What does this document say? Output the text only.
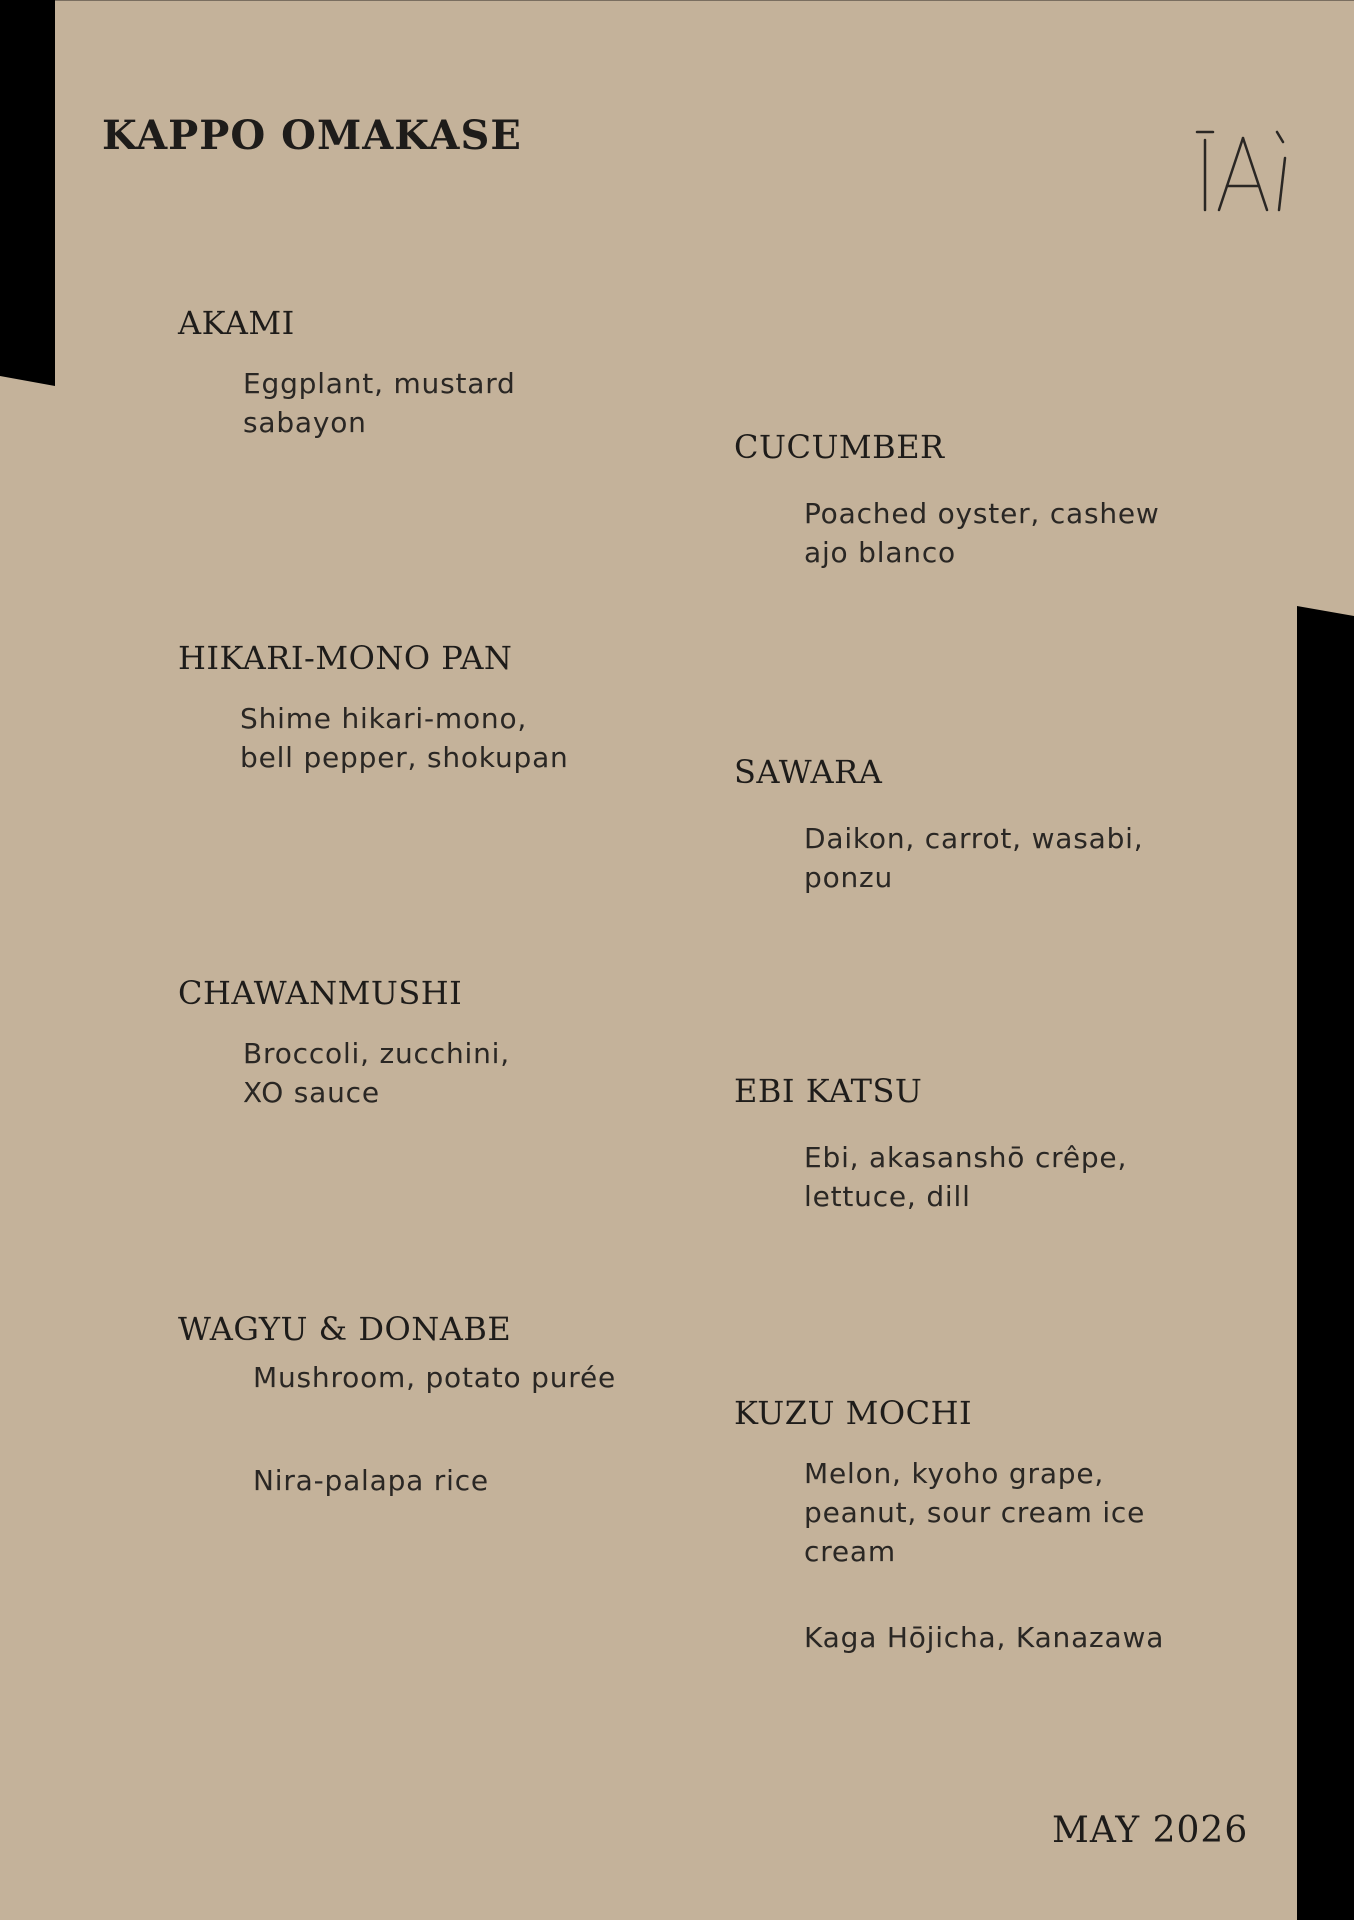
KAPPO OMAKASE
AKAMI
Eggplant, mustard
sabayon
HIKARI-MONO PAN
Shime hikari-mono,
bell pepper, shokupan
CHAWANMUSHI
Broccoli, zucchini,
XO sauce
WAGYU & DONABE
Mushroom, potato purée
Nira-palapa rice
CUCUMBER
Poached oyster, cashew
ajo blanco
SAWARA
Daikon, carrot, wasabi,
ponzu
EBI KATSU
Ebi, akasanshō crêpe,
lettuce, dill
KUZU MOCHI
Melon, kyoho grape,
peanut, sour cream ice
cream
Kaga Hōjicha, Kanazawa
MAY 2026
